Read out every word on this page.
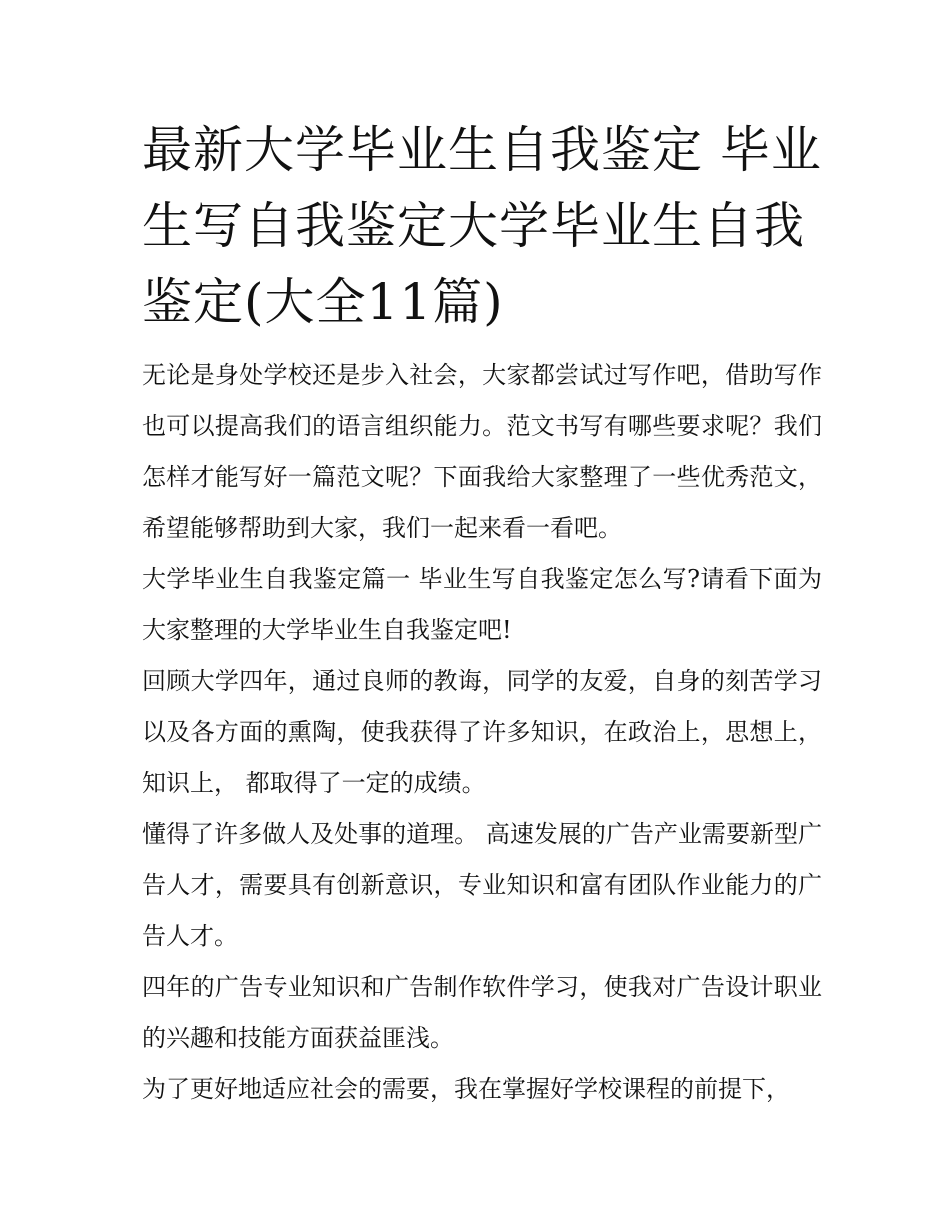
最新大学毕业生自我鉴定 毕业生写自我鉴定大学毕业生自我鉴定(大全11篇)

无论是身处学校还是步入社会，大家都尝试过写作吧，借助写作也可以提高我们的语言组织能力。范文书写有哪些要求呢？我们怎样才能写好一篇范文呢？下面我给大家整理了一些优秀范文，希望能够帮助到大家，我们一起来看一看吧。

大学毕业生自我鉴定篇一 毕业生写自我鉴定怎么写?请看下面为大家整理的大学毕业生自我鉴定吧!

回顾大学四年，通过良师的教诲，同学的友爱，自身的刻苦学习以及各方面的熏陶，使我获得了许多知识，在政治上，思想上，知识上， 都取得了一定的成绩。

懂得了许多做人及处事的道理。 高速发展的广告产业需要新型广告人才，需要具有创新意识，专业知识和富有团队作业能力的广告人才。

四年的广告专业知识和广告制作软件学习，使我对广告设计职业的兴趣和技能方面获益匪浅。

为了更好地适应社会的需要，我在掌握好学校课程的前提下，
